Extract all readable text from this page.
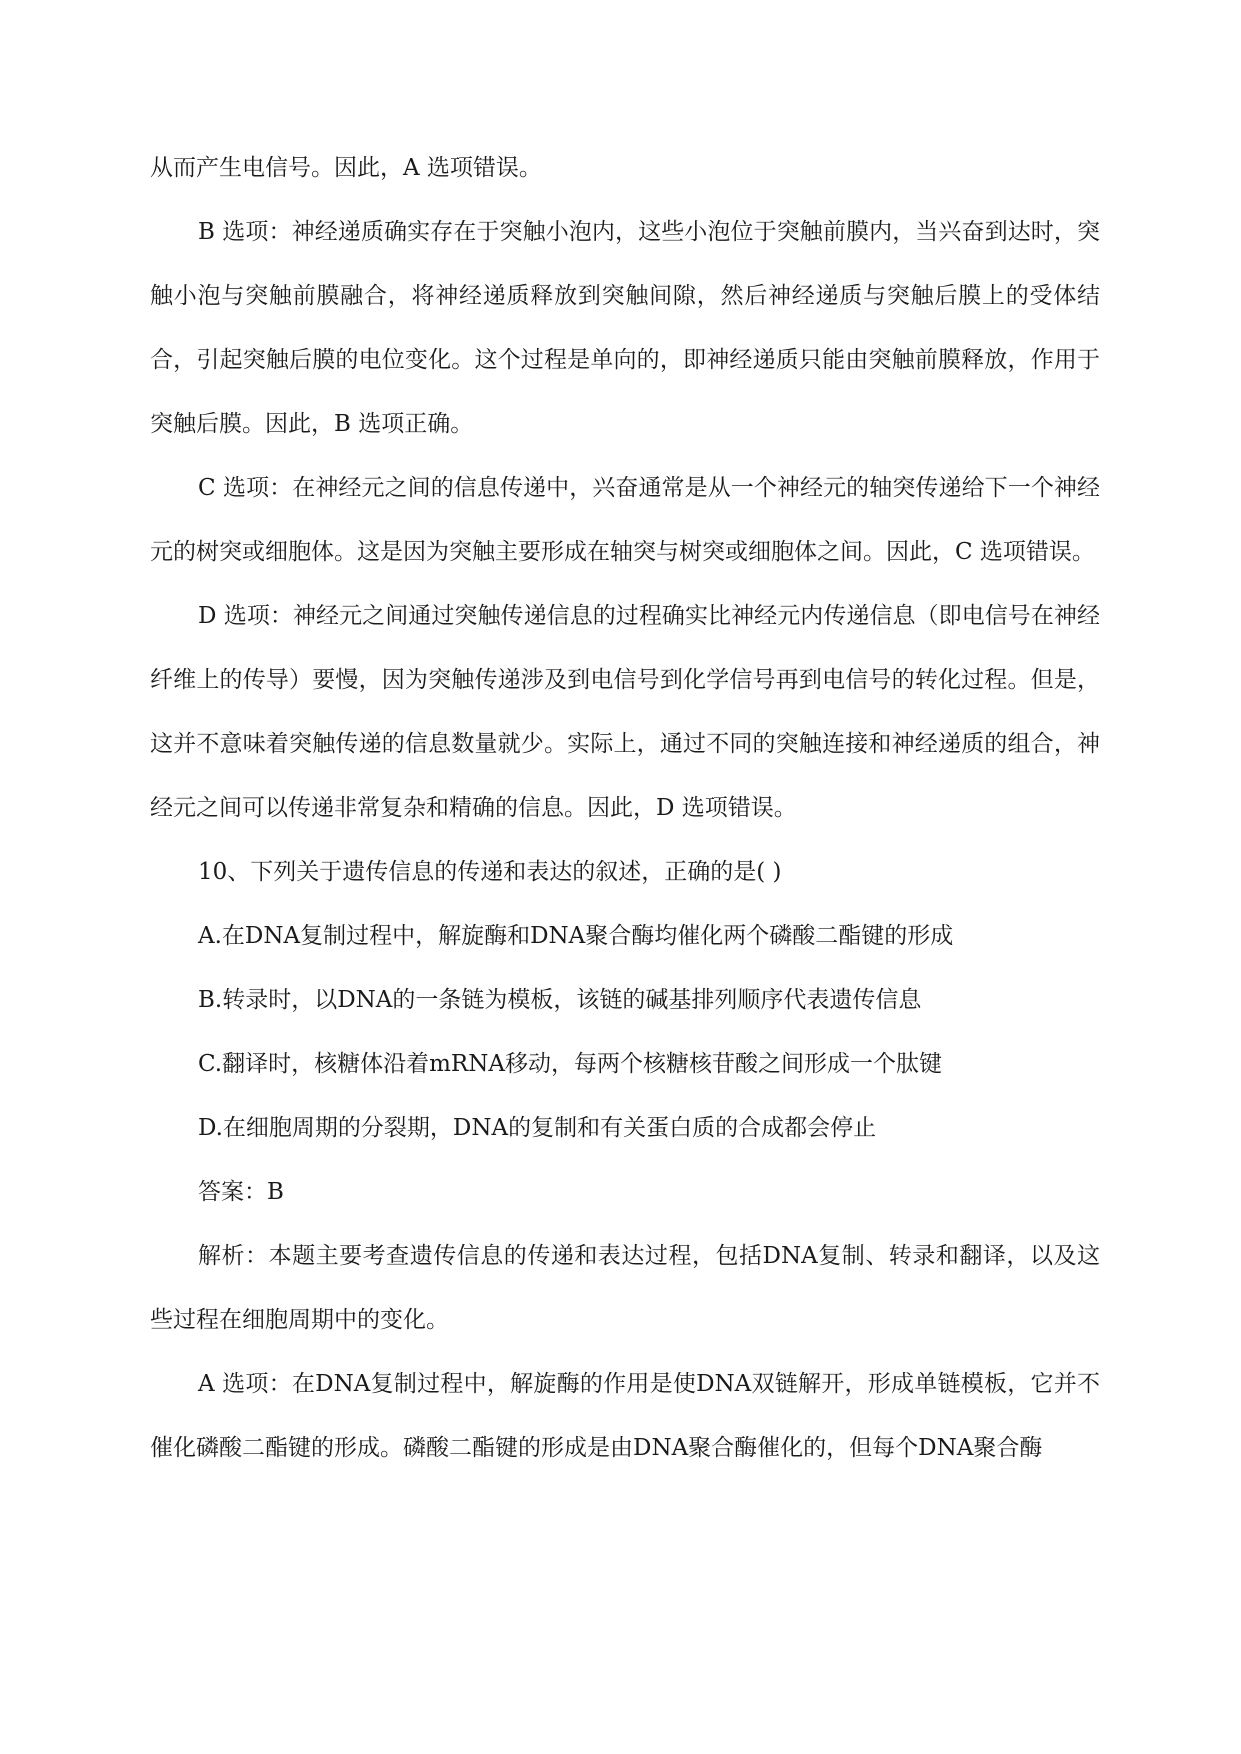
从而产生电信号。因此，A 选项错误。

B 选项：神经递质确实存在于突触小泡内，这些小泡位于突触前膜内，当兴奋到达时，突触小泡与突触前膜融合，将神经递质释放到突触间隙，然后神经递质与突触后膜上的受体结合，引起突触后膜的电位变化。这个过程是单向的，即神经递质只能由突触前膜释放，作用于突触后膜。因此，B 选项正确。

C 选项：在神经元之间的信息传递中，兴奋通常是从一个神经元的轴突传递给下一个神经元的树突或细胞体。这是因为突触主要形成在轴突与树突或细胞体之间。因此，C 选项错误。

D 选项：神经元之间通过突触传递信息的过程确实比神经元内传递信息（即电信号在神经纤维上的传导）要慢，因为突触传递涉及到电信号到化学信号再到电信号的转化过程。但是，这并不意味着突触传递的信息数量就少。实际上，通过不同的突触连接和神经递质的组合，神经元之间可以传递非常复杂和精确的信息。因此，D 选项错误。

10、下列关于遗传信息的传递和表达的叙述，正确的是( )

A.在DNA复制过程中，解旋酶和DNA聚合酶均催化两个磷酸二酯键的形成

B.转录时，以DNA的一条链为模板，该链的碱基排列顺序代表遗传信息

C.翻译时，核糖体沿着mRNA移动，每两个核糖核苷酸之间形成一个肽键

D.在细胞周期的分裂期，DNA的复制和有关蛋白质的合成都会停止

答案：B

解析：本题主要考查遗传信息的传递和表达过程，包括DNA复制、转录和翻译，以及这些过程在细胞周期中的变化。

A 选项：在DNA复制过程中，解旋酶的作用是使DNA双链解开，形成单链模板，它并不催化磷酸二酯键的形成。磷酸二酯键的形成是由DNA聚合酶催化的，但每个DNA聚合酶
